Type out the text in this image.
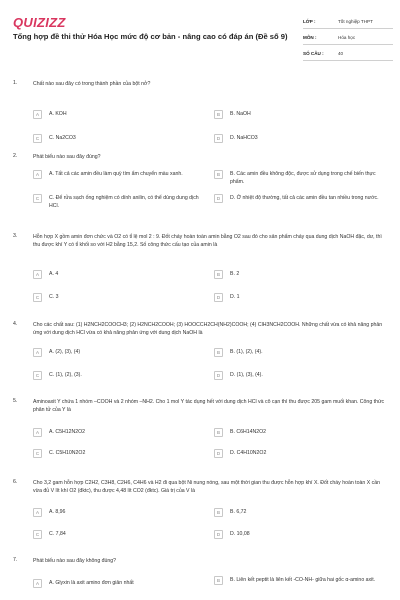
QUIZIZZ
Tổng hợp đề thi thử Hóa Học mức độ cơ bản - nâng cao có đáp án (Đề số 9)
LỚP :	Tốt nghiệp THPT
MÔN :	Hóa học
SỐ CÂU :	40
1.	Chất nào sau đây có trong thành phần của bột nở?
A	A. KOH	B	B. NaOH
C	C. Na2CO3	D	D. NaHCO3
2.	Phát biểu nào sau đây đúng?
A	A. Tất cả các amin đều làm quỳ tím ẩm chuyển màu xanh.	B	B. Các amin đều không độc, được sử dụng trong chế biến thực phẩm.
C	C. Để rửa sạch ống nghiệm có dính anilin, có thể dùng dung dịch HCl.
D	D. Ở nhiệt độ thường, tất cả các amin đều tan nhiều trong nước.
3.	Hỗn hợp X gồm amin đơn chức và O2 có tỉ lệ mol 2 : 9. Đốt cháy hoàn toàn amin bằng O2 sau đó cho sản phẩm cháy qua dung dịch NaOH đặc, dư, thì thu được khí Y có tỉ khối so với H2 bằng 15,2. Số công thức cấu tạo của amin là
A	A. 4	B	B. 2
C	C. 3	D	D. 1
4.	Cho các chất sau: (1) H2NCH2COOCH3; (2) H2NCH2COOH; (3) HOOCCH2CH(NH2)COOH; (4) ClH3NCH2COOH. Những chất vừa có khả năng phản ứng với dung dịch HCl vừa có khả năng phản ứng với dung dịch NaOH là
A	A. (2), (3), (4)	B	B. (1), (2), (4).
C	C. (1), (2), (3).	D	D. (1), (3), (4).
5.	Aminoaxit Y chứa 1 nhóm –COOH và 2 nhóm –NH2. Cho 1 mol Y tác dụng hết với dung dịch HCl và cô cạn thì thu được 205 gam muối khan. Công thức phân tử của Y là
A	A. C5H12N2O2	B	B. C6H14N2O2
C	C. C5H10N2O2	D	D. C4H10N2O2
6.	Cho 3,2 gam hỗn hợp C2H2, C3H8, C2H6, C4H6 và H2 đi qua bột Ni nung nóng, sau một thời gian thu được hỗn hợp khí X. Đốt cháy hoàn toàn X cần vừa đủ V lít khí O2 (đktc), thu được 4,48 lít CO2 (đktc). Giá trị của V là
A	A. 8,96	B	B. 6,72
C	C. 7,84	D	D. 10,08
7.	Phát biểu nào sau đây không đúng?
A	A. Glyxin là axit amino đơn giản nhất	B	B. Liên kết peptit là liên kết -CO-NH- giữa hai gốc α-amino axit.
